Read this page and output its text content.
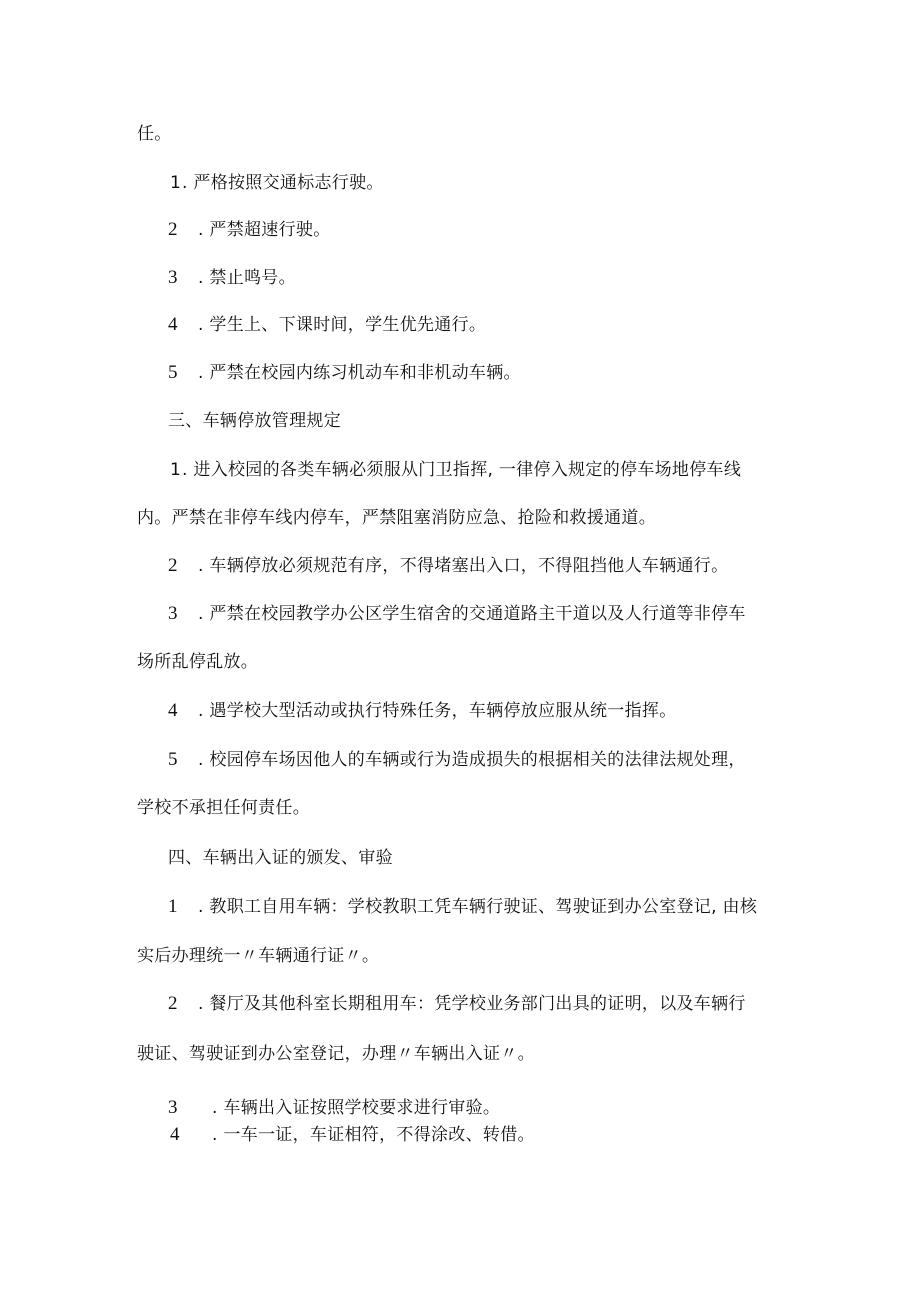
任。
1. 严格按照交通标志行驶。
2 . 严禁超速行驶。
3 . 禁止鸣号。
4 . 学生上、下课时间，学生优先通行。
5 . 严禁在校园内练习机动车和非机动车辆。
三、车辆停放管理规定
1. 进入校园的各类车辆必须服从门卫指挥, 一律停入规定的停车场地停车线
内。严禁在非停车线内停车，严禁阻塞消防应急、抢险和救援通道。
2 . 车辆停放必须规范有序，不得堵塞出入口，不得阻挡他人车辆通行。
3 . 严禁在校园教学办公区学生宿舍的交通道路主干道以及人行道等非停车
场所乱停乱放。
4 . 遇学校大型活动或执行特殊任务，车辆停放应服从统一指挥。
5 . 校园停车场因他人的车辆或行为造成损失的根据相关的法律法规处理，
学校不承担任何责任。
四、车辆出入证的颁发、审验
1 . 教职工自用车辆：学校教职工凭车辆行驶证、驾驶证到办公室登记, 由核
实后办理统一〃车辆通行证〃。
2 . 餐厅及其他科室长期租用车：凭学校业务部门出具的证明，以及车辆行
驶证、驾驶证到办公室登记，办理〃车辆出入证〃。
3 . 车辆出入证按照学校要求进行审验。
4 . 一车一证，车证相符，不得涂改、转借。
